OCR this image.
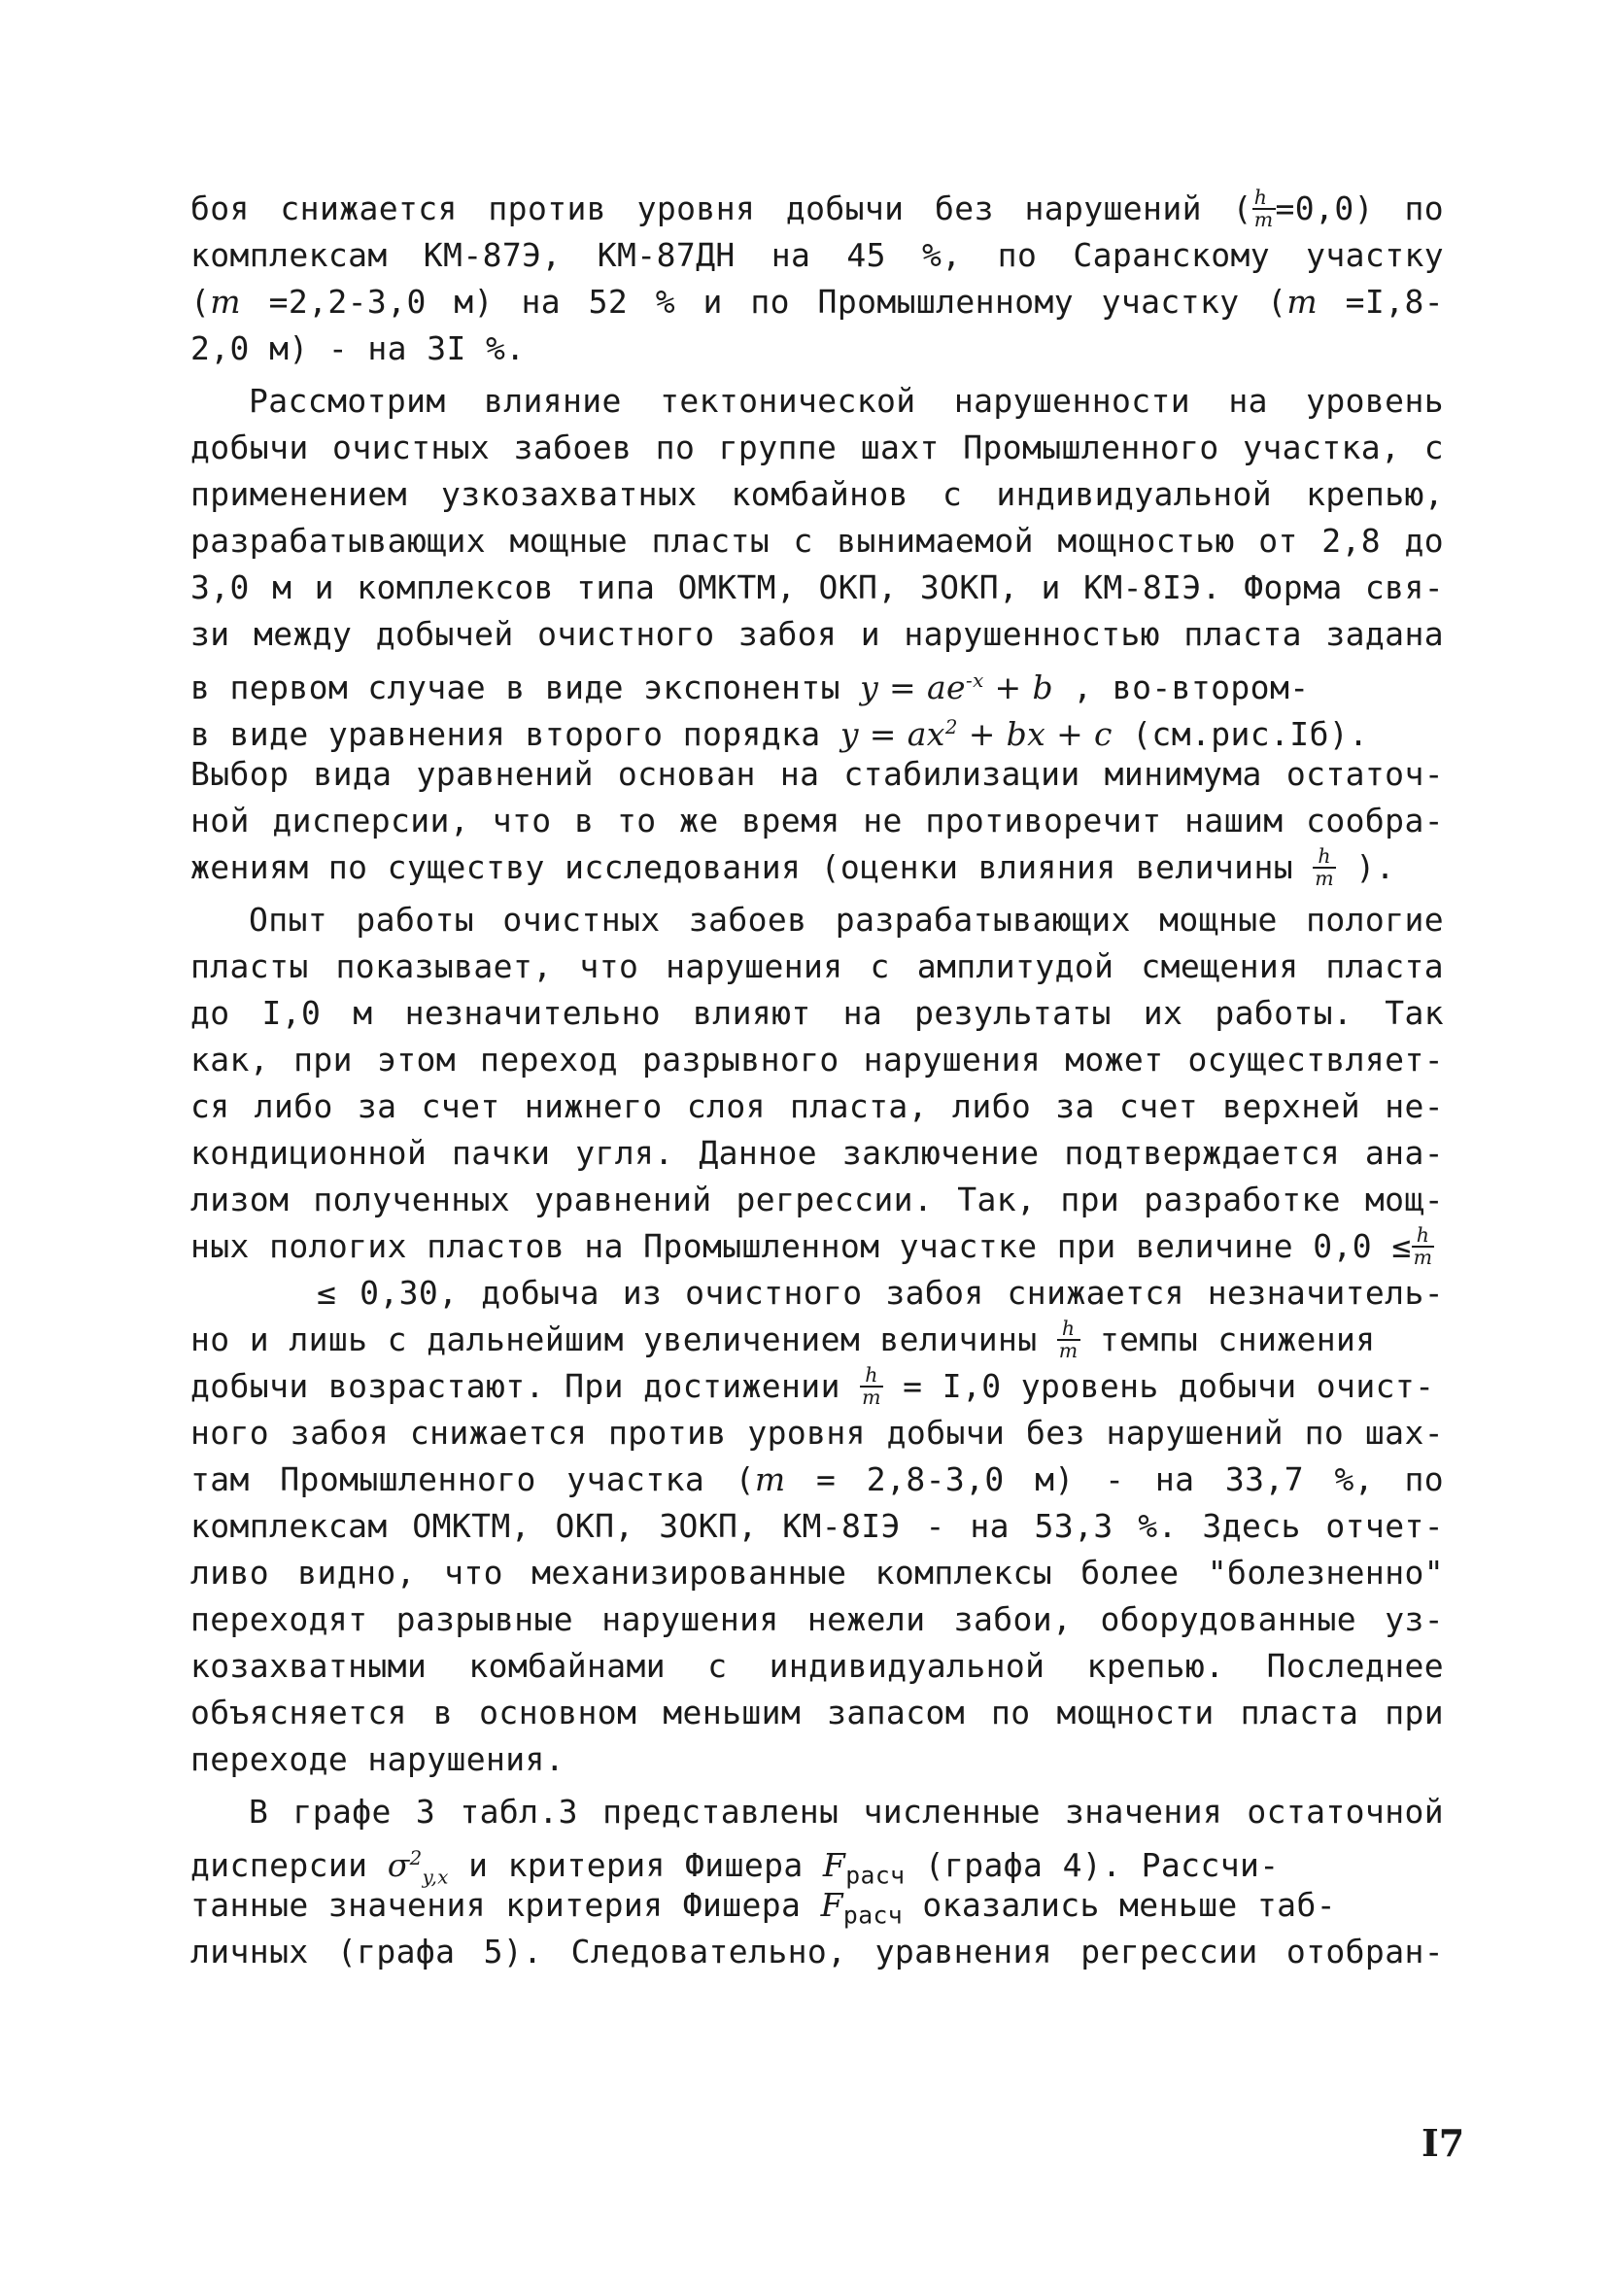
боя снижается против уровня добычи без нарушений ( $\frac{h}{m} =0,0$) по
комплексам КМ-87Э, КМ-87ДН на 45 %, по Саранскому участку
(m =2,2-3,0 м) на 52 % и по Промышленному участку (m =I,8-
2,0 м) - на 3I %.
Рассмотрим влияние тектонической нарушенности на уровень
добычи очистных забоев по группе шахт Промышленного участка, с
применением узкозахватных комбайнов с индивидуальной крепью,
разрабатывающих мощные пласты с вынимаемой мощностью от 2,8 до
3,0 м и комплексов типа ОМКТМ, ОКП, 3ОКП, и КМ-8IЭ. Форма свя-
зи между добычей очистного забоя и нарушенностью пласта задана
в первом случае в виде экспоненты $y = ae^{-x} + b$ , во-втором-
в виде уравнения второго порядка $y = ax^2$ + bx + c (см.рис.Iб).
Выбор вида уравнений основан на стабилизации минимума остаточ-
ной дисперсии, что в то же время не противоречит нашим сообра-
жениям по существу исследования (оценки влияния величины $\frac{h}{m}$ ).
Опыт работы очистных забоев разрабатывающих мощные пологие
пласты показывает, что нарушения с амплитудой смещения пласта
до I,0 м незначительно влияют на результаты их работы. Так
как, при этом переход разрывного нарушения может осуществляет-
ся либо за счет нижнего слоя пласта, либо за счет верхней не-
кондиционной пачки угля. Данное заключение подтверждается ана-
лизом полученных уравнений регрессии. Так, при разработке мощ-
ных пологих пластов на Промышленном участке при величине $0,0 \le \frac{h}{m}$
≤ 0,30, добыча из очистного забоя снижается незначитель-
но и лишь с дальнейшим увеличением величины $\frac{h}{m}$ темпы снижения
добычи возрастают. При достижении $\frac{h}{m} = I,0$ уровень добычи очист-
ного забоя снижается против уровня добычи без нарушений по шах-
там Промышленного участка (m = 2,8-3,0 м) - на 33,7 %, по
комплексам ОМКТМ, ОКП, 3ОКП, КМ-8IЭ - на 53,3 %. Здесь отчет-
ливо видно, что механизированные комплексы более "болезненно"
переходят разрывные нарушения нежели забои, оборудованные уз-
козахватными комбайнами с индивидуальной крепью. Последнее
объясняется в основном меньшим запасом по мощности пласта при
переходе нарушения.
В графе 3 табл.3 представлены численные значения остаточной
дисперсии $\sigma^2_{y,x}$ и критерия Фишера $F_{расч}$ (графа 4). Рассчи-
танные значения критерия Фишера $F_{расч}$ оказались меньше таб-
личных (графа 5). Следовательно, уравнения регрессии отобран-
I7
